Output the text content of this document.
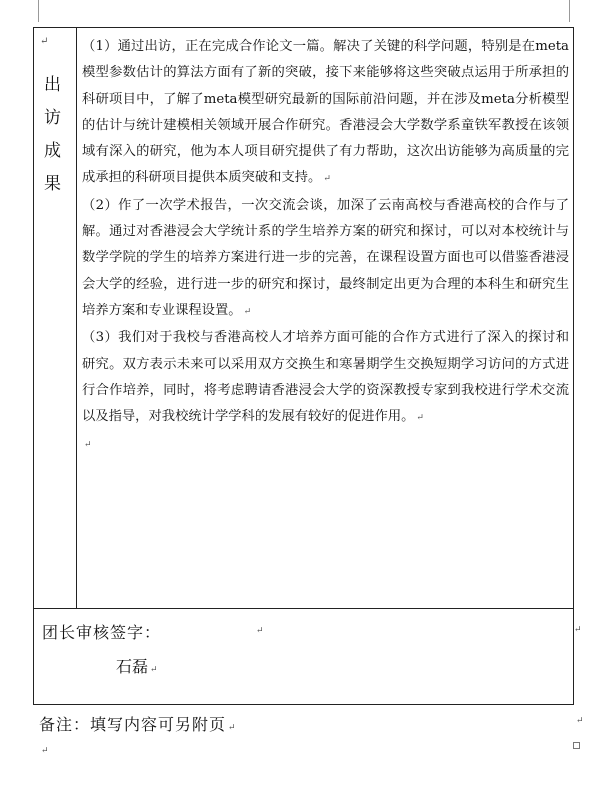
↵
出
访
成
果

（1）通过出访，正在完成合作论文一篇。解决了关键的科学问题，特别是在meta模型参数估计的算法方面有了新的突破，接下来能够将这些突破点运用于所承担的科研项目中，了解了meta模型研究最新的国际前沿问题，并在涉及meta分析模型的估计与统计建模相关领域开展合作研究。香港浸会大学数学系童铁军教授在该领域有深入的研究，他为本人项目研究提供了有力帮助，这次出访能够为高质量的完成承担的科研项目提供本质突破和支持。 ↵

（2）作了一次学术报告，一次交流会谈，加深了云南高校与香港高校的合作与了解。通过对香港浸会大学统计系的学生培养方案的研究和探讨，可以对本校统计与数学学院的学生的培养方案进行进一步的完善，在课程设置方面也可以借鉴香港浸会大学的经验，进行进一步的研究和探讨，最终制定出更为合理的本科生和研究生培养方案和专业课程设置。 ↵

（3）我们对于我校与香港高校人才培养方面可能的合作方式进行了深入的探讨和研究。双方表示未来可以采用双方交换生和寒暑期学生交换短期学习访问的方式进行合作培养，同时，将考虑聘请香港浸会大学的资深教授专家到我校进行学术交流以及指导，对我校统计学学科的发展有较好的促进作用。 ↵

↵

团长审核签字：	↵	↵
石磊 ↵
备注：填写内容可另附页 ↵
↵
↵
